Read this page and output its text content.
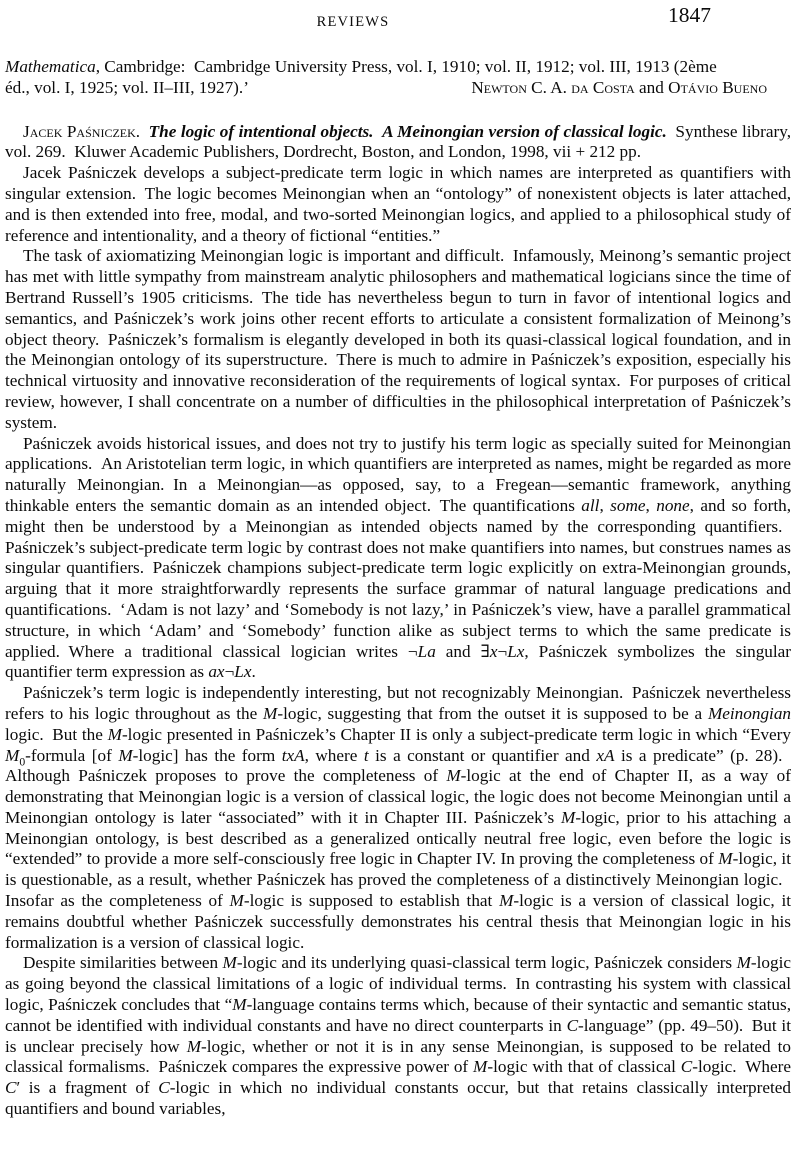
REVIEWS	1847

Mathematica, Cambridge: Cambridge University Press, vol. I, 1910; vol. II, 1912; vol. III, 1913 (2ème

éd., vol. I, 1925; vol. II–III, 1927).’	Newton C. A. da Costa and Otávio Bueno

Jacek Paśniczek.  The logic of intentional objects. A Meinongian version of classical logic. Synthese library, vol. 269. Kluwer Academic Publishers, Dordrecht, Boston, and London, 1998, vii + 212 pp.

Jacek Paśniczek develops a subject-predicate term logic in which names are interpreted as quantifiers with singular extension. The logic becomes Meinongian when an “ontology” of nonexistent objects is later attached, and is then extended into free, modal, and two-sorted Meinongian logics, and applied to a philosophical study of reference and intentionality, and a theory of fictional “entities.”

The task of axiomatizing Meinongian logic is important and difficult. Infamously, Meinong’s semantic project has met with little sympathy from mainstream analytic philosophers and mathematical logicians since the time of Bertrand Russell’s 1905 criticisms. The tide has nevertheless begun to turn in favor of intentional logics and semantics, and Paśniczek’s work joins other recent efforts to articulate a consistent formalization of Meinong’s object theory. Paśniczek’s formalism is elegantly developed in both its quasi-classical logical foundation, and in the Meinongian ontology of its superstructure. There is much to admire in Paśniczek’s exposition, especially his technical virtuosity and innovative reconsideration of the requirements of logical syntax. For purposes of critical review, however, I shall concentrate on a number of difficulties in the philosophical interpretation of Paśniczek’s system.

Paśniczek avoids historical issues, and does not try to justify his term logic as specially suited for Meinongian applications. An Aristotelian term logic, in which quantifiers are interpreted as names, might be regarded as more naturally Meinongian. In a Meinongian—as opposed, say, to a Fregean—semantic framework, anything thinkable enters the semantic domain as an intended object. The quantifications all, some, none, and so forth, might then be understood by a Meinongian as intended objects named by the corresponding quantifiers. Paśniczek’s subject-predicate term logic by contrast does not make quantifiers into names, but construes names as singular quantifiers. Paśniczek champions subject-predicate term logic explicitly on extra-Meinongian grounds, arguing that it more straightforwardly represents the surface grammar of natural language predications and quantifications. ‘Adam is not lazy’ and ‘Somebody is not lazy,’ in Paśniczek’s view, have a parallel grammatical structure, in which ‘Adam’ and ‘Somebody’ function alike as subject terms to which the same predicate is applied. Where a traditional classical logician writes ¬La and ∃x¬Lx, Paśniczek symbolizes the singular quantifier term expression as ax¬Lx.

Paśniczek’s term logic is independently interesting, but not recognizably Meinongian. Paśniczek nevertheless refers to his logic throughout as the M-logic, suggesting that from the outset it is supposed to be a Meinongian logic. But the M-logic presented in Paśniczek’s Chapter II is only a subject-predicate term logic in which “Every $M_0$-formula [of M-logic] has the form txA, where t is a constant or quantifier and xA is a predicate” (p. 28). Although Paśniczek proposes to prove the completeness of M-logic at the end of Chapter II, as a way of demonstrating that Meinongian logic is a version of classical logic, the logic does not become Meinongian until a Meinongian ontology is later “associated” with it in Chapter III. Paśniczek’s M-logic, prior to his attaching a Meinongian ontology, is best described as a generalized ontically neutral free logic, even before the logic is “extended” to provide a more self-consciously free logic in Chapter IV. In proving the completeness of M-logic, it is questionable, as a result, whether Paśniczek has proved the completeness of a distinctively Meinongian logic. Insofar as the completeness of M-logic is supposed to establish that M-logic is a version of classical logic, it remains doubtful whether Paśniczek successfully demonstrates his central thesis that Meinongian logic in his formalization is a version of classical logic.

Despite similarities between M-logic and its underlying quasi-classical term logic, Paśniczek considers M-logic as going beyond the classical limitations of a logic of individual terms. In contrasting his system with classical logic, Paśniczek concludes that “M-language contains terms which, because of their syntactic and semantic status, cannot be identified with individual constants and have no direct counterparts in C-language” (pp. 49–50). But it is unclear precisely how M-logic, whether or not it is in any sense Meinongian, is supposed to be related to classical formalisms. Paśniczek compares the expressive power of M-logic with that of classical C-logic. Where C′ is a fragment of C-logic in which no individual constants occur, but that retains classically interpreted quantifiers and bound variables,
